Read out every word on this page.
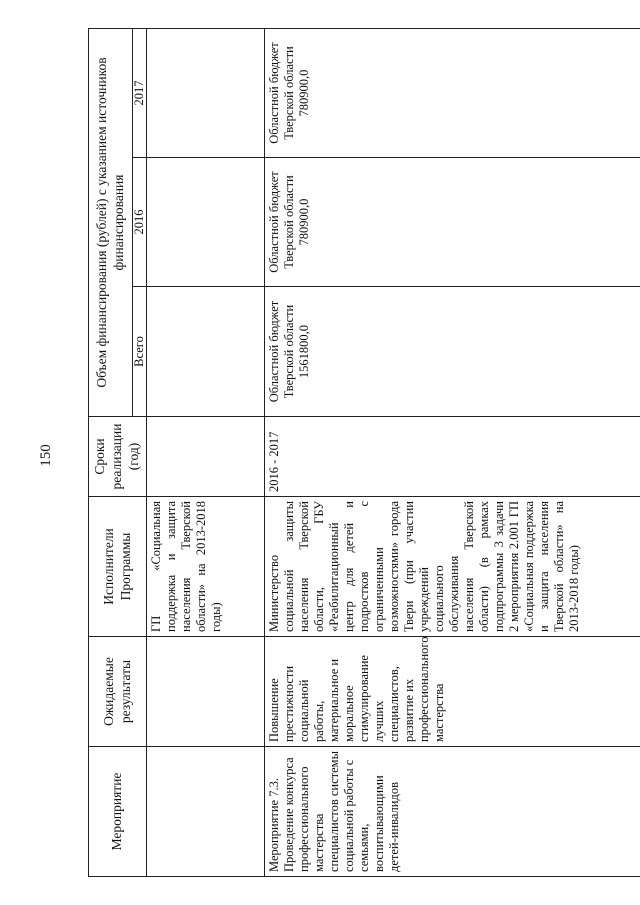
150
Мероприятие	Ожидаемые результаты	Исполнители Программы	Сроки реализации (год)	Объем финансирования (рублей) с указанием источников финансирования		
				Всего	2016	2017
		ГП «Социальная поддержка и защита населения Тверской области» на 2013-2018 годы)				
Мероприятие 7.3.
Проведение конкурса профессионального мастерства специалистов системы социальной работы с семьями, воспитывающими детей-инвалидов	Повышение престижности социальной работы, материальное и моральное стимулирование лучших специалистов, развитие их профессионального мастерства	Министерство социальной защиты населения Тверской области, ГБУ «Реабилитационный центр для детей и подростков с ограниченными возможностями» города Твери (при участии учреждений социального обслуживания населения Тверской области) (в рамках подпрограммы 3 задачи 2 мероприятия 2.001 ГП «Социальная поддержка и защита населения Тверской области» на 2013-2018 годы)	2016 - 2017	Областной бюджет Тверской области 1561800,0	Областной бюджет Тверской области 780900,0	Областной бюджет Тверской области 780900,0
